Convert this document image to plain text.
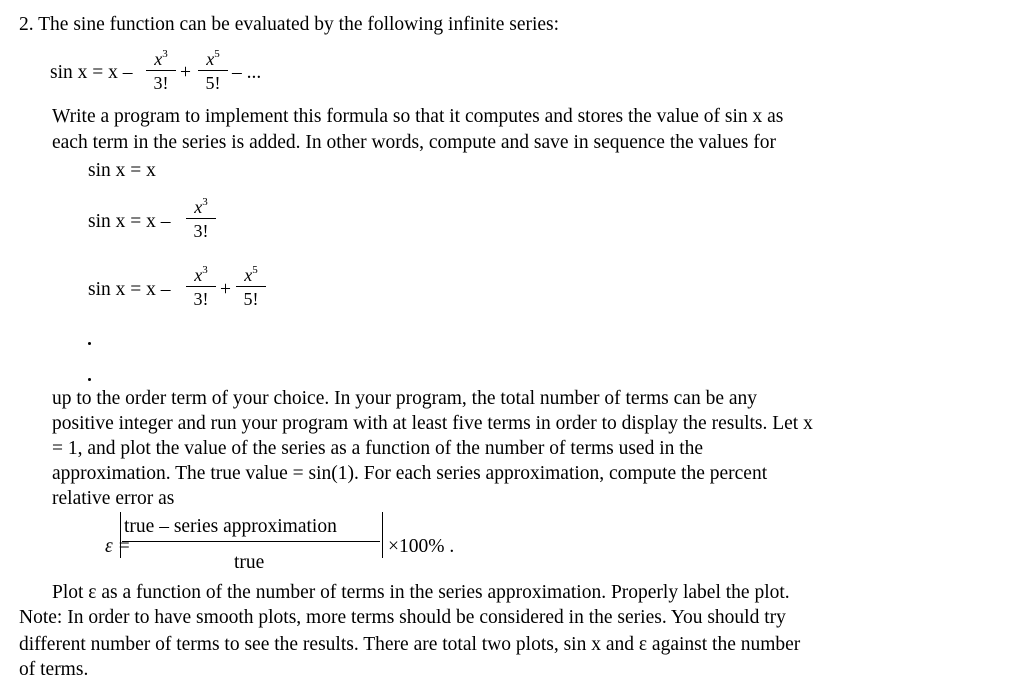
2. The sine function can be evaluated by the following infinite series:
sin x = x –
$x^3$
3! +
$x^5$
5! – ...
Write a program to implement this formula so that it computes and stores the value of sin x as
each term in the series is added. In other words, compute and save in sequence the values for
sin x = x
sin x = x –
$x^3$
3!
sin x = x –
$x^3$
3! +
$x^5$
5!
up to the order term of your choice. In your program, the total number of terms can be any
positive integer and run your program with at least five terms in order to display the results. Let x
= 1, and plot the value of the series as a function of the number of terms used in the
approximation. The true value = sin(1). For each series approximation, compute the percent
relative error as
ε =
true – series approximation
true
×100% .
Plot ε as a function of the number of terms in the series approximation. Properly label the plot.
Note: In order to have smooth plots, more terms should be considered in the series. You should try
different number of terms to see the results. There are total two plots, sin x and ε against the number
of terms.
